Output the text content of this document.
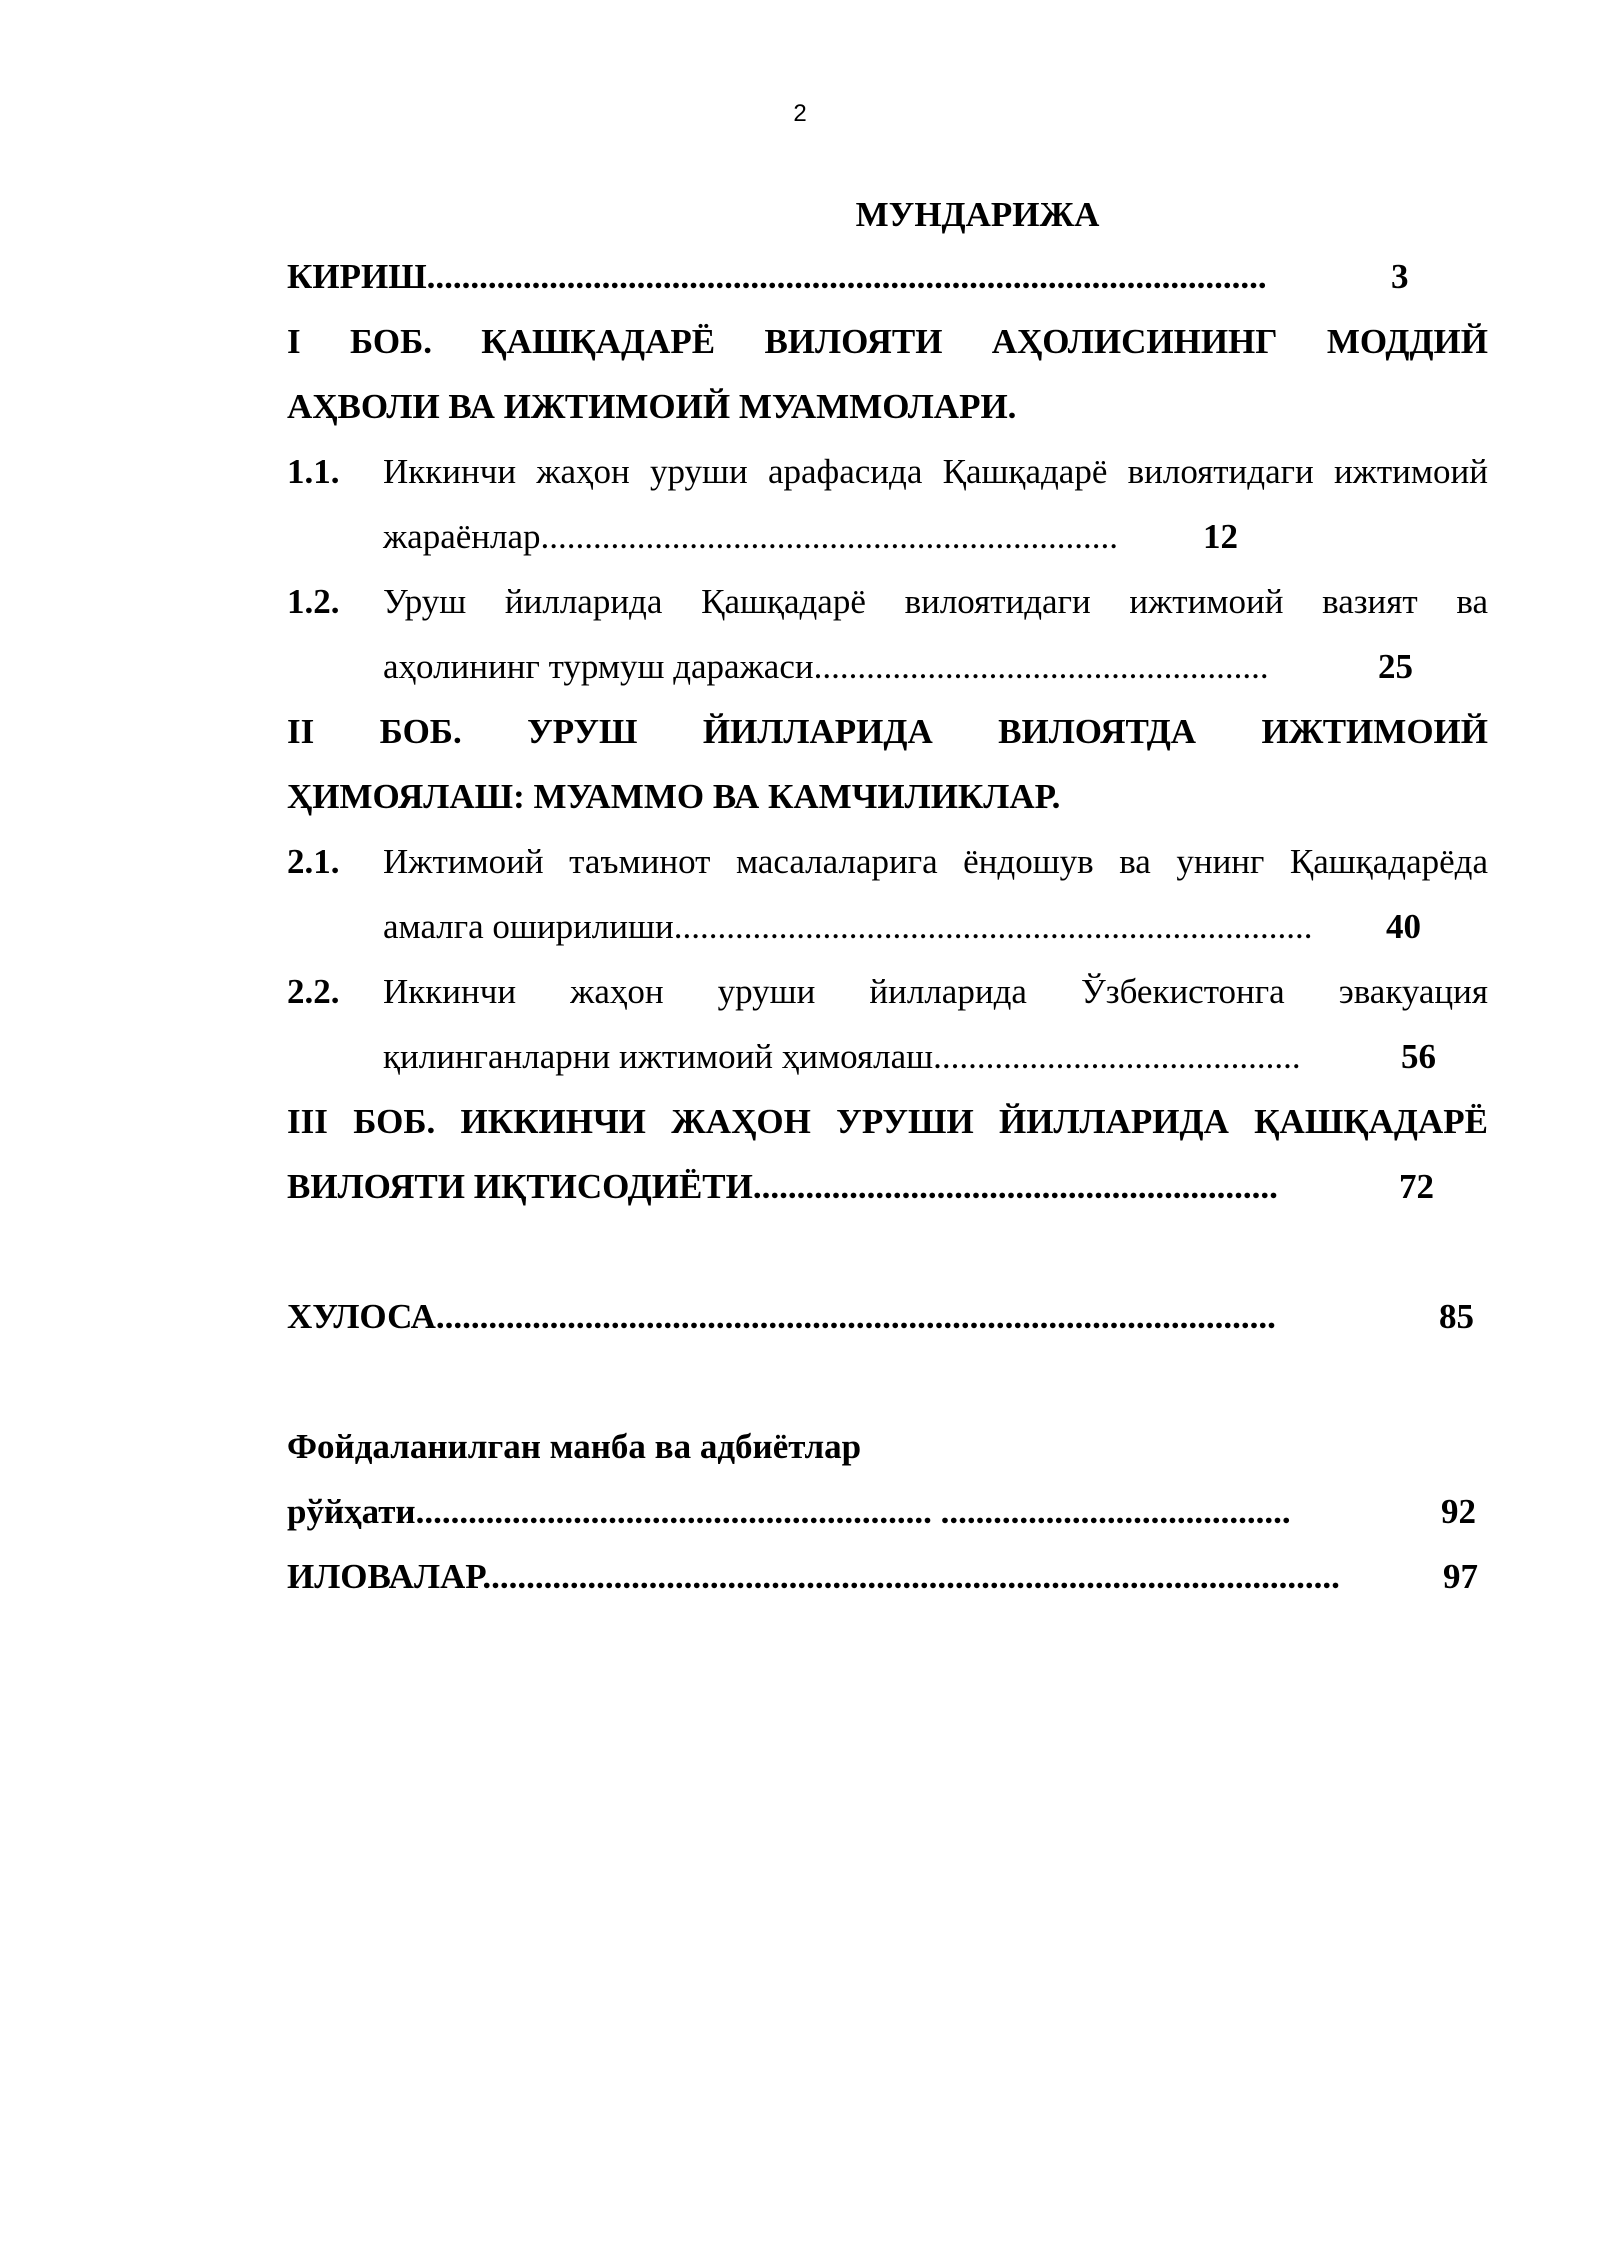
2
МУНДАРИЖА
КИРИШ................................................................................................	3
I БОБ. ҚАШҚАДАРЁ ВИЛОЯТИ АҲОЛИСИНИНГ МОДДИЙ
АҲВОЛИ ВА ИЖТИМОИЙ МУАММОЛАРИ.
1.1.	Иккинчи жаҳон уруши арафасида Қашқадарё вилоятидаги ижтимоий
жараёнлар.................................................................. 12
1.2.	Уруш йилларида Қашқадарё вилоятидаги ижтимоий вазият ва
аҳолининг турмуш даражаси....................................................	25
II БОБ. УРУШ ЙИЛЛАРИДА ВИЛОЯТДА ИЖТИМОИЙ
ҲИМОЯЛАШ: МУАММО ВА КАМЧИЛИКЛАР.
2.1.	Ижтимоий таъминот масалаларига ёндошув ва унинг Қашқадарёда
амалга оширилиши......................................................................... 40
2.2.	Иккинчи жаҳон уруши йилларида Ўзбекистонга эвакуация
қилинганларни ижтимоий ҳимоялаш..........................................	56
III БОБ. ИККИНЧИ ЖАҲОН УРУШИ ЙИЛЛАРИДА ҚАШҚАДАРЁ
ВИЛОЯТИ ИҚТИСОДИЁТИ............................................................	72
ХУЛОСА................................................................................................	85
Фойдаланилган манба ва адбиётлар
рўйҳати........................................................... ........................................	92
ИЛОВАЛАР..................................................................................................	97
